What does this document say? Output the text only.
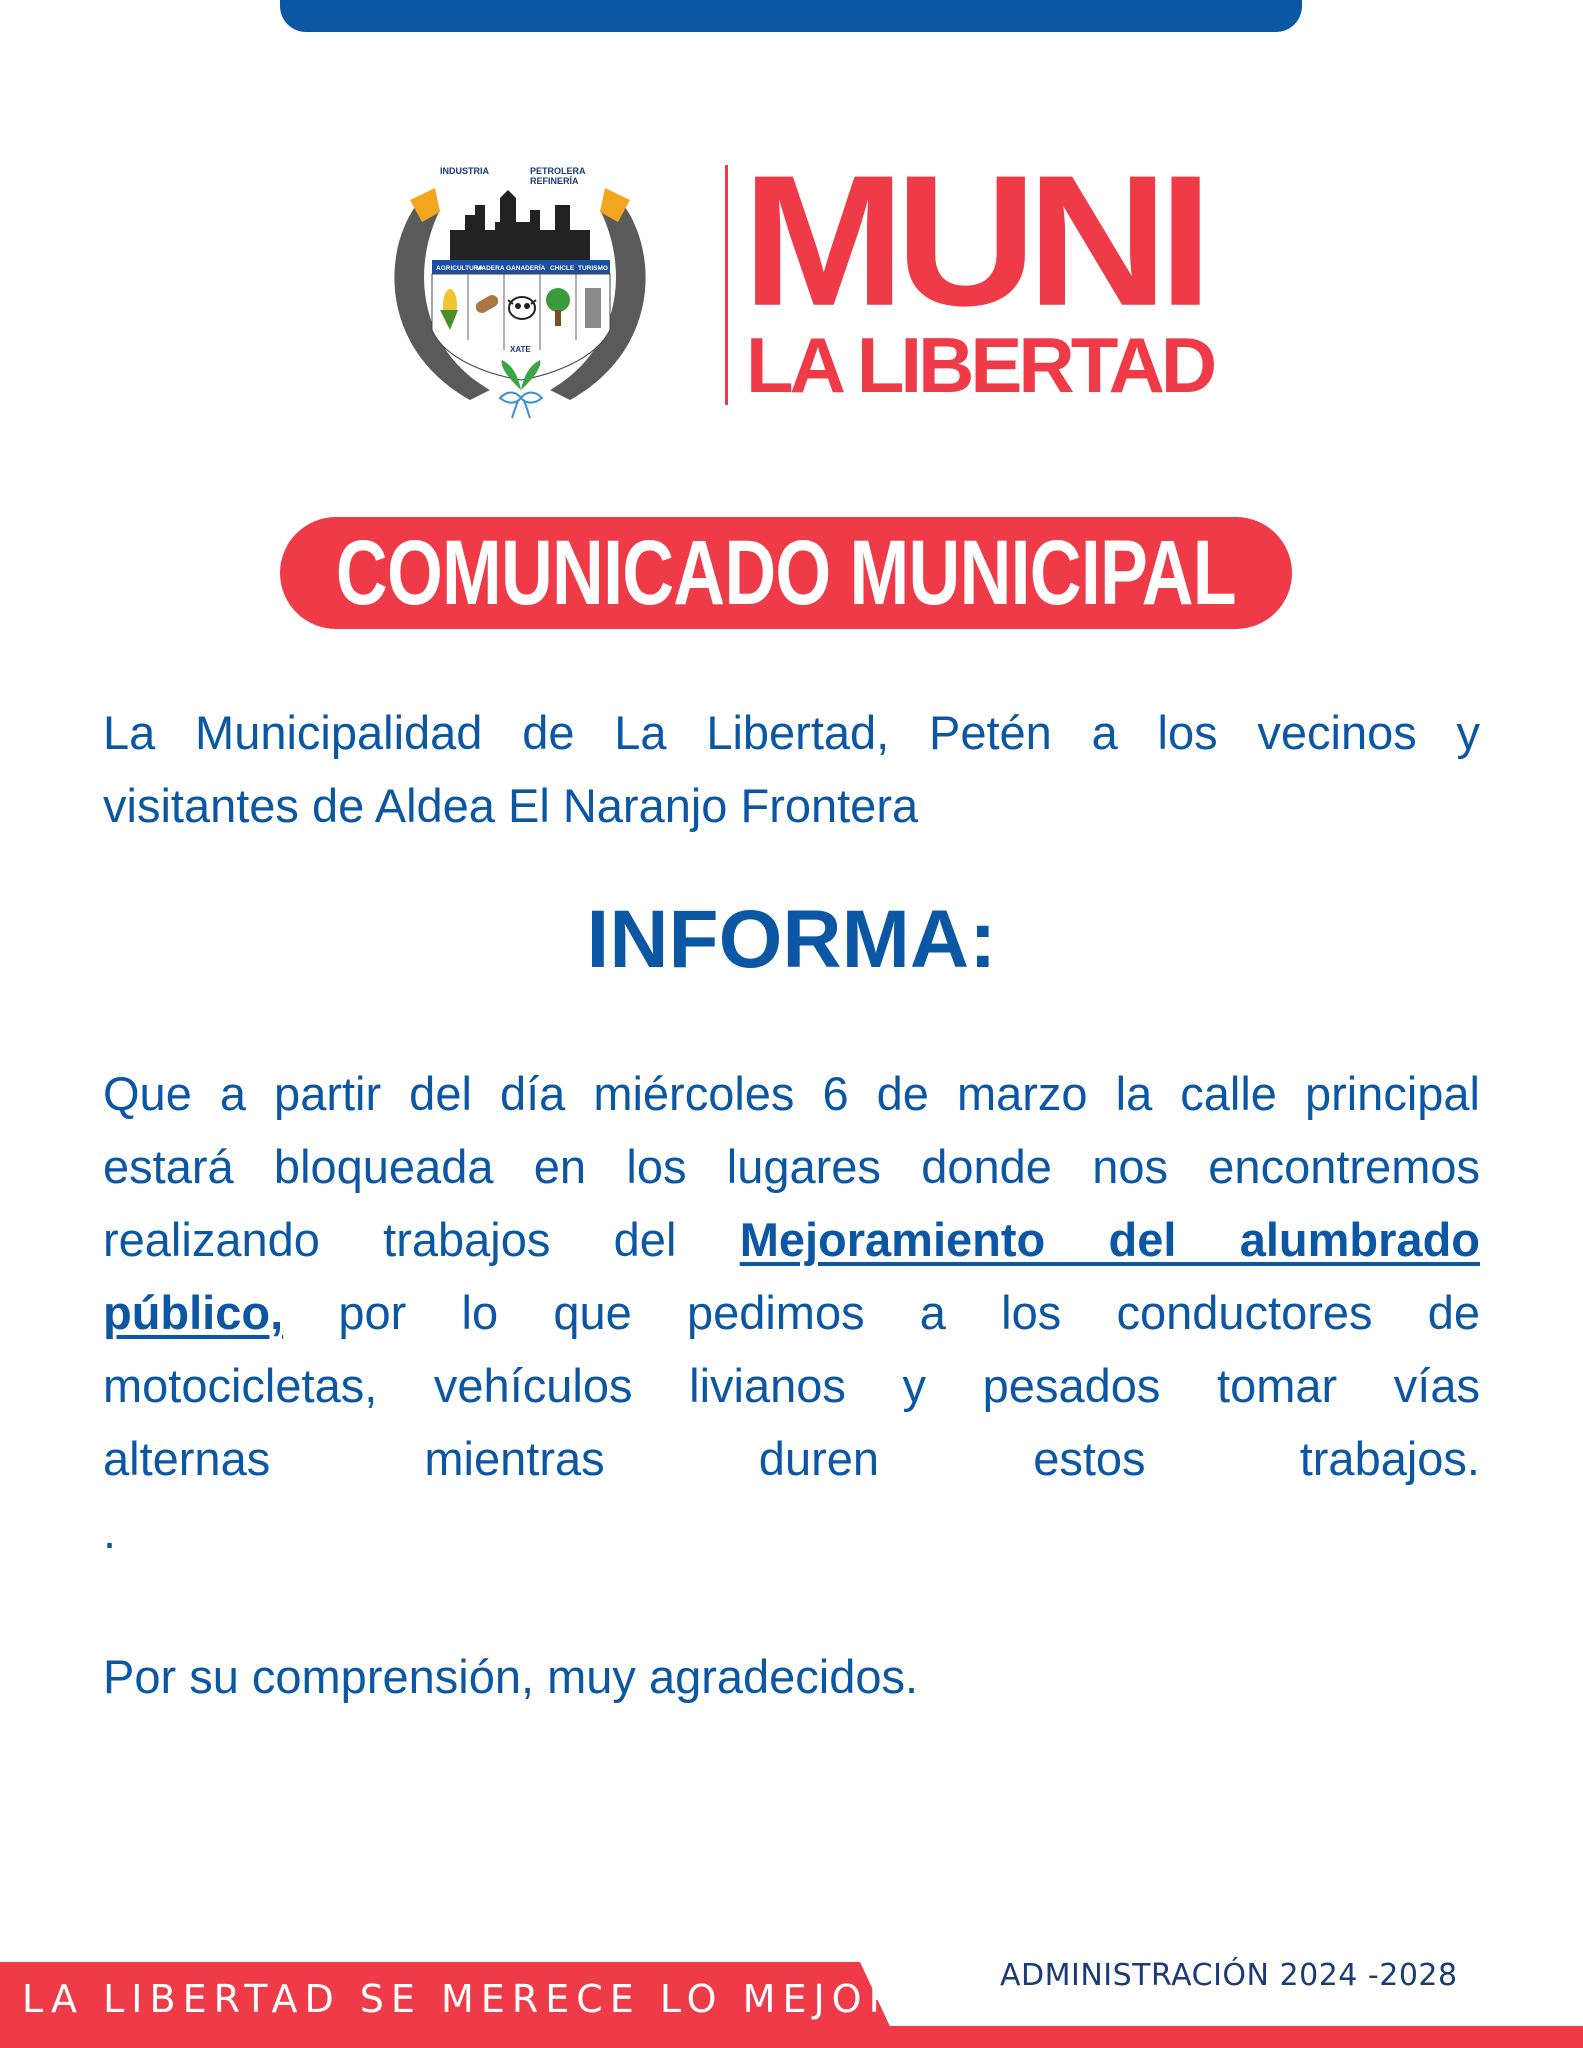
AGRICULTURA
MADERA GANADERÍA CHICLE TURISMO
XATE
INDUSTRIA	PETROLERA
REFINERÍA MUNI
LA LIBERTAD
COMUNICADO MUNICIPAL
La Municipalidad de La Libertad, Petén a los vecinos y
visitantes de Aldea El Naranjo Frontera
INFORMA:
Que a partir del día miércoles 6 de marzo la calle principal
estará bloqueada en los lugares donde nos encontremos
realizando trabajos del Mejoramiento del alumbrado
público, por lo que pedimos a los conductores de
motocicletas, vehículos livianos y pesados tomar vías
alternas mientras duren estos trabajos.
.
Por su comprensión, muy agradecidos.
LA LIBERTAD SE MERECE LO MEJOR
ADMINISTRACIÓN 2024 -2028
